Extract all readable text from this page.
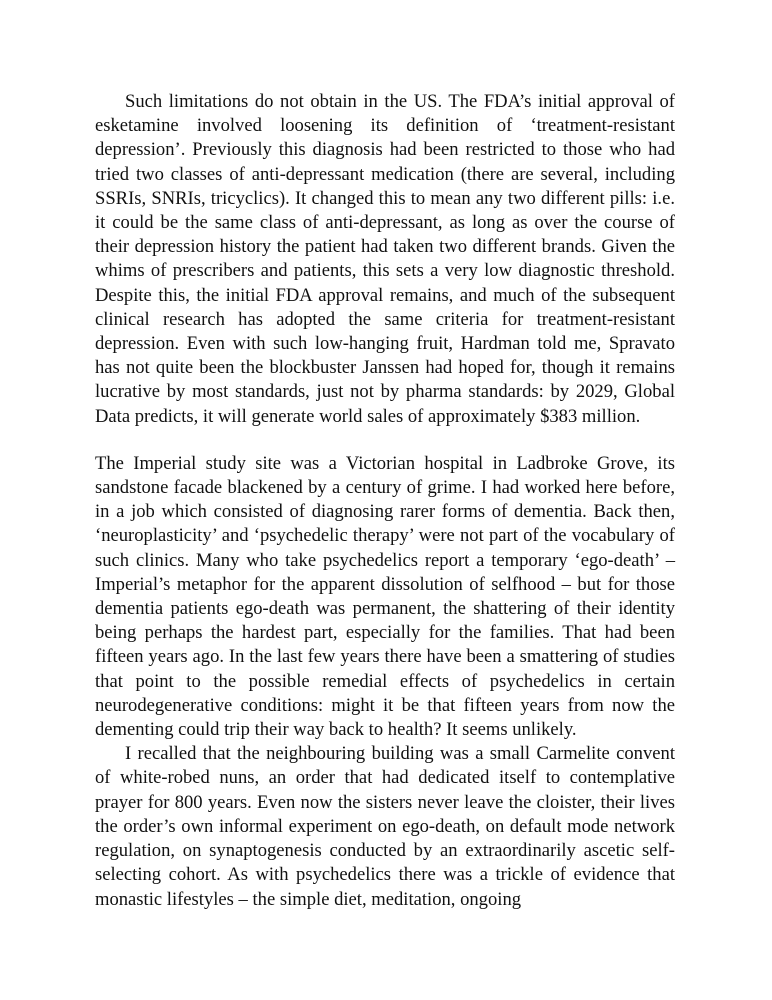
Such limitations do not obtain in the US. The FDA’s initial approval of esketamine involved loosening its definition of ‘treatment-resistant depression’. Previously this diagnosis had been restricted to those who had tried two classes of anti-depressant medication (there are several, including SSRIs, SNRIs, tricyclics). It changed this to mean any two different pills: i.e. it could be the same class of anti-depressant, as long as over the course of their depression history the patient had taken two different brands. Given the whims of prescribers and patients, this sets a very low diagnostic threshold. Despite this, the initial FDA approval remains, and much of the subsequent clinical research has adopted the same criteria for treatment-resistant depression. Even with such low-hanging fruit, Hardman told me, Spravato has not quite been the blockbuster Janssen had hoped for, though it remains lucrative by most standards, just not by pharma standards: by 2029, Global Data predicts, it will generate world sales of approximately $383 million.

The Imperial study site was a Victorian hospital in Ladbroke Grove, its sandstone facade blackened by a century of grime. I had worked here before, in a job which consisted of diagnosing rarer forms of dementia. Back then, ‘neuroplasticity’ and ‘psychedelic therapy’ were not part of the vocabulary of such clinics. Many who take psychedelics report a temporary ‘ego-death’ – Imperial’s metaphor for the apparent dissolution of selfhood – but for those dementia patients ego-death was permanent, the shattering of their identity being perhaps the hardest part, especially for the families. That had been fifteen years ago. In the last few years there have been a smattering of studies that point to the possible remedial effects of psychedelics in certain neurodegenerative conditions: might it be that fifteen years from now the dementing could trip their way back to health? It seems unlikely.

I recalled that the neighbouring building was a small Carmelite convent of white-robed nuns, an order that had dedicated itself to contemplative prayer for 800 years. Even now the sisters never leave the cloister, their lives the order’s own informal experiment on ego-death, on default mode network regulation, on synaptogenesis conducted by an extraordinarily ascetic self-selecting cohort. As with psychedelics there was a trickle of evidence that monastic lifestyles – the simple diet, meditation, ongoing
